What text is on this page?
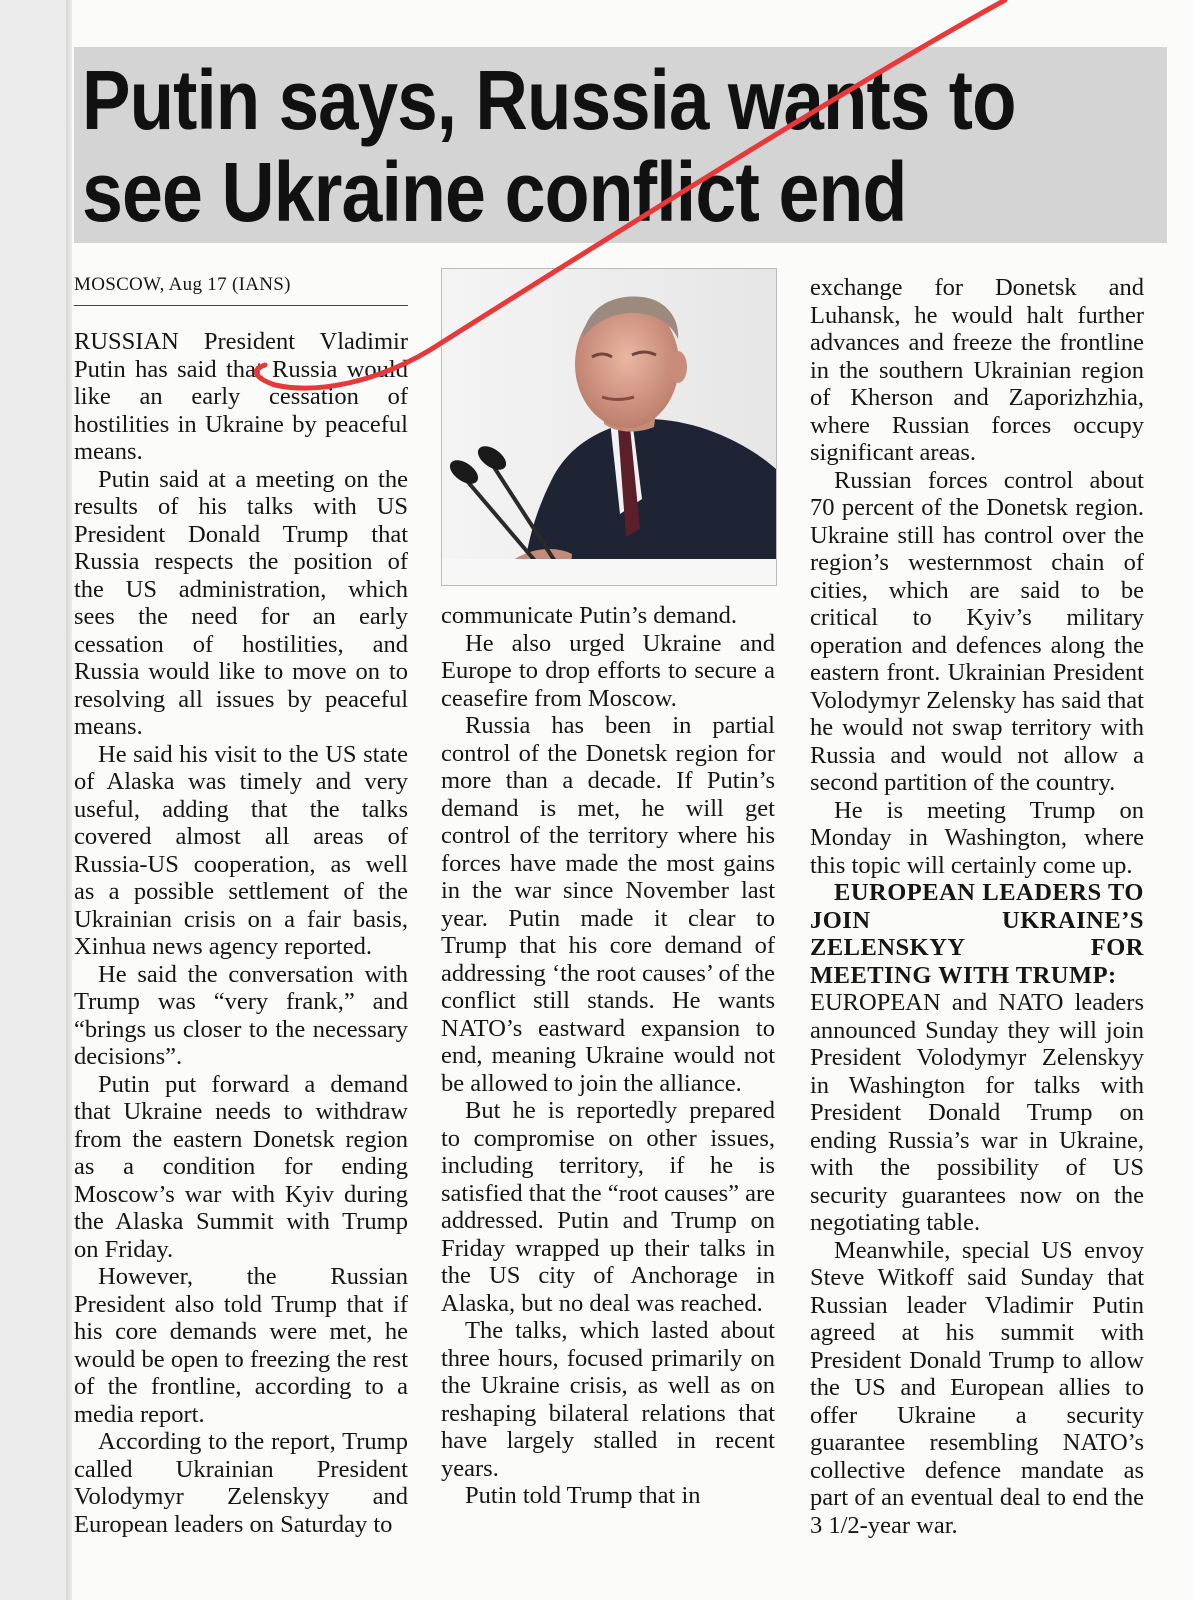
Putin says, Russia wants to
see Ukraine conflict end
MOSCOW, Aug 17 (IANS)

RUSSIAN President Vladimir Putin has said that Russia would like an early cessation of hostilities in Ukraine by peaceful means.

Putin said at a meeting on the results of his talks with US President Donald Trump that Russia respects the position of the US administration, which sees the need for an early cessation of hostilities, and Russia would like to move on to resolving all issues by peaceful means.

He said his visit to the US state of Alaska was timely and very useful, adding that the talks covered almost all areas of Russia-US cooperation, as well as a possible settlement of the Ukrainian crisis on a fair basis, Xinhua news agency reported.

He said the conversation with Trump was “very frank,” and “brings us closer to the necessary decisions”.

Putin put forward a demand that Ukraine needs to withdraw from the eastern Donetsk region as a condition for ending Moscow’s war with Kyiv during the Alaska Summit with Trump on Friday.

However, the Russian President also told Trump that if his core demands were met, he would be open to freezing the rest of the frontline, according to a media report.

According to the report, Trump called Ukrainian President Volodymyr Zelenskyy and European leaders on Saturday to

communicate Putin’s demand.

He also urged Ukraine and Europe to drop efforts to secure a ceasefire from Moscow.

Russia has been in partial control of the Donetsk region for more than a decade. If Putin’s demand is met, he will get control of the territory where his forces have made the most gains in the war since November last year. Putin made it clear to Trump that his core demand of addressing ‘the root causes’ of the conflict still stands. He wants NATO’s eastward expansion to end, meaning Ukraine would not be allowed to join the alliance.

But he is reportedly prepared to compromise on other issues, including territory, if he is satisfied that the “root causes” are addressed. Putin and Trump on Friday wrapped up their talks in the US city of Anchorage in Alaska, but no deal was reached.

The talks, which lasted about three hours, focused primarily on the Ukraine crisis, as well as on reshaping bilateral relations that have largely stalled in recent years.

Putin told Trump that in

exchange for Donetsk and Luhansk, he would halt further advances and freeze the frontline in the southern Ukrainian region of Kherson and Zaporizhzhia, where Russian forces occupy significant areas.

Russian forces control about 70 percent of the Donetsk region. Ukraine still has control over the region’s westernmost chain of cities, which are said to be critical to Kyiv’s military operation and defences along the eastern front. Ukrainian President Volodymyr Zelensky has said that he would not swap territory with Russia and would not allow a second partition of the country.

He is meeting Trump on Monday in Washington, where this topic will certainly come up.

EUROPEAN LEADERS TO JOIN UKRAINE’S ZELENSKYY FOR MEETING WITH TRUMP:

EUROPEAN and NATO leaders announced Sunday they will join President Volodymyr Zelenskyy in Washington for talks with President Donald Trump on ending Russia’s war in Ukraine, with the possibility of US security guarantees now on the negotiating table.

Meanwhile, special US envoy Steve Witkoff said Sunday that Russian leader Vladimir Putin agreed at his summit with President Donald Trump to allow the US and European allies to offer Ukraine a security guarantee resembling NATO’s collective defence mandate as part of an eventual deal to end the 3 1/2-year war.
